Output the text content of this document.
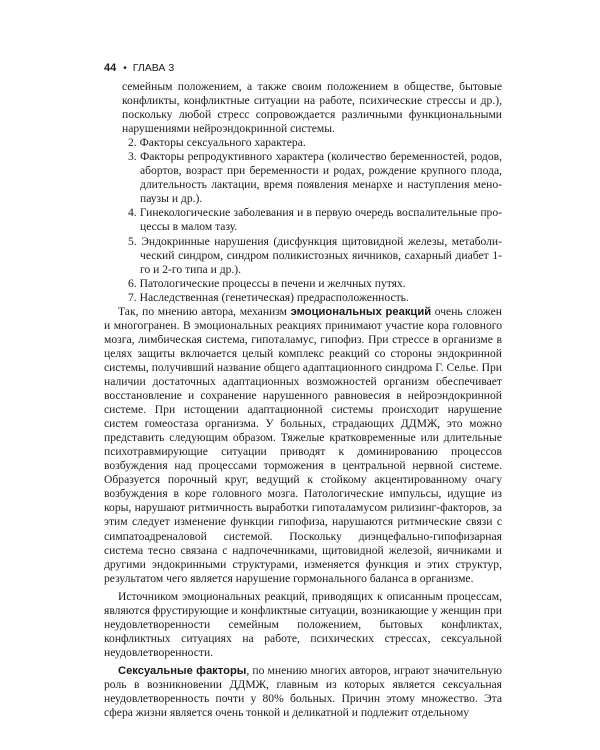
44 • ГЛАВА 3

семейным положением, а также своим положением в обществе, бытовые конфликты, конфликтные ситуации на работе, психические стрессы и др.), поскольку любой стресс сопровождается различными функциональными нарушениями нейроэндокринной системы.

2. Факторы сексуального характера.

3. Факторы репродуктивного характера (количество беременностей, родов, абортов, возраст при беременности и родах, рождение крупного плода, длительность лактации, время появления менархе и наступления менопаузы и др.).

4. Гинекологические заболевания и в первую очередь воспалительные процессы в малом тазу.

5. Эндокринные нарушения (дисфункция щитовидной железы, метаболический синдром, синдром поликистозных яичников, сахарный диабет 1-го и 2-го типа и др.).

6. Патологические процессы в печени и желчных путях.

7. Наследственная (генетическая) предрасположенность.

Так, по мнению автора, механизм эмоциональных реакций очень сложен и многогранен. В эмоциональных реакциях принимают участие кора головного мозга, лимбическая система, гипоталамус, гипофиз. При стрессе в организме в целях защиты включается целый комплекс реакций со стороны эндокринной системы, получивший название общего адаптационного синдрома Г. Селье. При наличии достаточных адаптационных возможностей организм обеспечивает восстановление и сохранение нарушенного равновесия в нейроэндокринной системе. При истощении адаптационной системы происходит нарушение систем гомеостаза организма. У больных, страдающих ДДМЖ, это можно представить следующим образом. Тяжелые кратковременные или длительные психотравмирующие ситуации приводят к доминированию процессов возбуждения над процессами торможения в центральной нервной системе. Образуется порочный круг, ведущий к стойкому акцентированному очагу возбуждения в коре головного мозга. Патологические импульсы, идущие из коры, нарушают ритмичность выработки гипоталамусом рилизинг-факторов, за этим следует изменение функции гипофиза, нарушаются ритмические связи с симпатоадреналовой системой. Поскольку диэнцефально-гипофизарная система тесно связана с надпочечниками, щитовидной железой, яичниками и другими эндокринными структурами, изменяется функция и этих структур, результатом чего является нарушение гормонального баланса в организме.

Источником эмоциональных реакций, приводящих к описанным процессам, являются фрустирующие и конфликтные ситуации, возникающие у женщин при неудовлетворенности семейным положением, бытовых конфликтах, конфликтных ситуациях на работе, психических стрессах, сексуальной неудовлетворенности.

Сексуальные факторы, по мнению многих авторов, играют значительную роль в возникновении ДДМЖ, главным из которых является сексуальная неудовлетворенность почти у 80% больных. Причин этому множество. Эта сфера жизни является очень тонкой и деликатной и подлежит отдельному
